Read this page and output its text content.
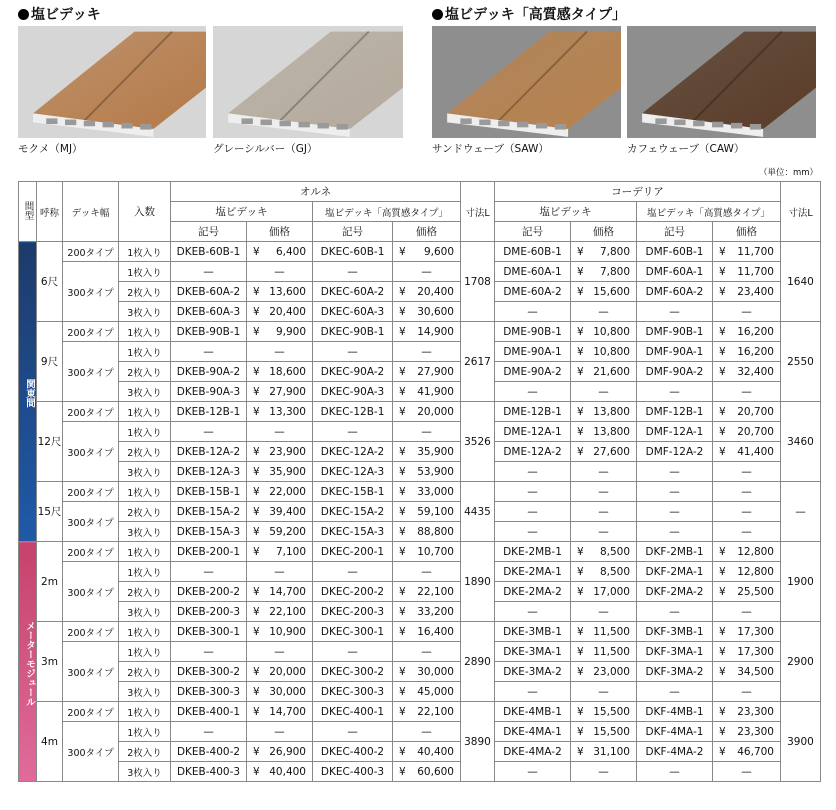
塩ビデッキ	塩ビデッキ「高質感タイプ」
モクメ（MJ）	グレーシルバー（GJ）	サンドウェーブ（SAW）	カフェウェーブ（CAW）
（単位：mm）
間型	呼称	デッキ幅	入数	オルネ				寸法L	コーデリア				寸法L
				塩ビデッキ		塩ビデッキ「高質感タイプ」			塩ビデッキ		塩ビデッキ「高質感タイプ」		
				記号	価格	記号	価格		記号	価格	記号	価格	
関東間	6尺	200タイプ	1枚入り	DKEB-60B-1	¥ 6,400	DKEC-60B-1	¥ 9,600	1708	DME-60B-1	¥ 7,800	DMF-60B-1	¥ 11,700	1640
		300タイプ	1枚入り	—	—	—	—		DME-60A-1	¥ 7,800	DMF-60A-1	¥ 11,700	
			2枚入り	DKEB-60A-2	¥ 13,600	DKEC-60A-2	¥ 20,400		DME-60A-2	¥ 15,600	DMF-60A-2	¥ 23,400	
			3枚入り	DKEB-60A-3	¥ 20,400	DKEC-60A-3	¥ 30,600		—	—	—	—	
	9尺	200タイプ	1枚入り	DKEB-90B-1	¥ 9,900	DKEC-90B-1	¥ 14,900	2617	DME-90B-1	¥ 10,800	DMF-90B-1	¥ 16,200	2550
		300タイプ	1枚入り	—	—	—	—		DME-90A-1	¥ 10,800	DMF-90A-1	¥ 16,200	
			2枚入り	DKEB-90A-2	¥ 18,600	DKEC-90A-2	¥ 27,900		DME-90A-2	¥ 21,600	DMF-90A-2	¥ 32,400	
			3枚入り	DKEB-90A-3	¥ 27,900	DKEC-90A-3	¥ 41,900		—	—	—	—	
	12尺	200タイプ	1枚入り	DKEB-12B-1	¥ 13,300	DKEC-12B-1	¥ 20,000	3526	DME-12B-1	¥ 13,800	DMF-12B-1	¥ 20,700	3460
		300タイプ	1枚入り	—	—	—	—		DME-12A-1	¥ 13,800	DMF-12A-1	¥ 20,700	
			2枚入り	DKEB-12A-2	¥ 23,900	DKEC-12A-2	¥ 35,900		DME-12A-2	¥ 27,600	DMF-12A-2	¥ 41,400	
			3枚入り	DKEB-12A-3	¥ 35,900	DKEC-12A-3	¥ 53,900		—	—	—	—	
	15尺	200タイプ	1枚入り	DKEB-15B-1	¥ 22,000	DKEC-15B-1	¥ 33,000	4435	—	—	—	—	—
		300タイプ	2枚入り	DKEB-15A-2	¥ 39,400	DKEC-15A-2	¥ 59,100		—	—	—	—	
			3枚入り	DKEB-15A-3	¥ 59,200	DKEC-15A-3	¥ 88,800		—	—	—	—	
メーターモジュール	2m	200タイプ	1枚入り	DKEB-200-1	¥ 7,100	DKEC-200-1	¥ 10,700	1890	DKE-2MB-1	¥ 8,500	DKF-2MB-1	¥ 12,800	1900
		300タイプ	1枚入り	—	—	—	—		DKE-2MA-1	¥ 8,500	DKF-2MA-1	¥ 12,800	
			2枚入り	DKEB-200-2	¥ 14,700	DKEC-200-2	¥ 22,100		DKE-2MA-2	¥ 17,000	DKF-2MA-2	¥ 25,500	
			3枚入り	DKEB-200-3	¥ 22,100	DKEC-200-3	¥ 33,200		—	—	—	—	
	3m	200タイプ	1枚入り	DKEB-300-1	¥ 10,900	DKEC-300-1	¥ 16,400	2890	DKE-3MB-1	¥ 11,500	DKF-3MB-1	¥ 17,300	2900
		300タイプ	1枚入り	—	—	—	—		DKE-3MA-1	¥ 11,500	DKF-3MA-1	¥ 17,300	
			2枚入り	DKEB-300-2	¥ 20,000	DKEC-300-2	¥ 30,000		DKE-3MA-2	¥ 23,000	DKF-3MA-2	¥ 34,500	
			3枚入り	DKEB-300-3	¥ 30,000	DKEC-300-3	¥ 45,000		—	—	—	—	
	4m	200タイプ	1枚入り	DKEB-400-1	¥ 14,700	DKEC-400-1	¥ 22,100	3890	DKE-4MB-1	¥ 15,500	DKF-4MB-1	¥ 23,300	3900
		300タイプ	1枚入り	—	—	—	—		DKE-4MA-1	¥ 15,500	DKF-4MA-1	¥ 23,300	
			2枚入り	DKEB-400-2	¥ 26,900	DKEC-400-2	¥ 40,400		DKE-4MA-2	¥ 31,100	DKF-4MA-2	¥ 46,700	
			3枚入り	DKEB-400-3	¥ 40,400	DKEC-400-3	¥ 60,600		—	—	—	—	
